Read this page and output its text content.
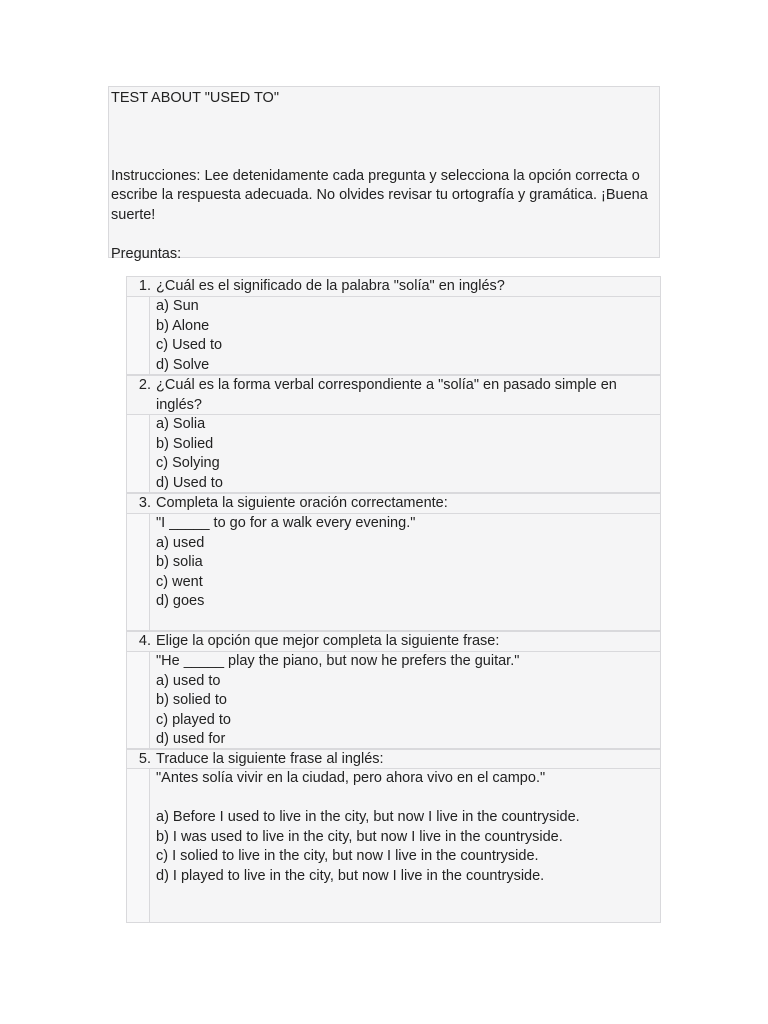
TEST ABOUT "USED TO"
Instrucciones: Lee detenidamente cada pregunta y selecciona la opción correcta o escribe la respuesta adecuada. No olvides revisar tu ortografía y gramática. ¡Buena suerte!
Preguntas:
1. ¿Cuál es el significado de la palabra "solía" en inglés?
a) Sun
b) Alone
c) Used to
d) Solve
2. ¿Cuál es la forma verbal correspondiente a "solía" en pasado simple en inglés?
a) Solia
b) Solied
c) Solying
d) Used to
3. Completa la siguiente oración correctamente:
"I _____ to go for a walk every evening."
a) used
b) solia
c) went
d) goes
4. Elige la opción que mejor completa la siguiente frase:
"He _____ play the piano, but now he prefers the guitar."
a) used to
b) solied to
c) played to
d) used for
5. Traduce la siguiente frase al inglés:
"Antes solía vivir en la ciudad, pero ahora vivo en el campo."
a) Before I used to live in the city, but now I live in the countryside.
b) I was used to live in the city, but now I live in the countryside.
c) I solied to live in the city, but now I live in the countryside.
d) I played to live in the city, but now I live in the countryside.
